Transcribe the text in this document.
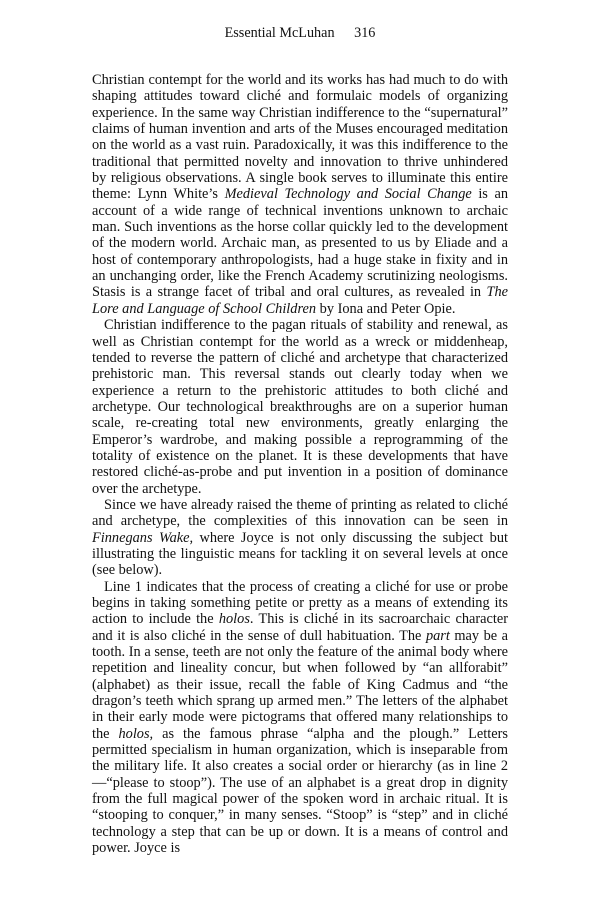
Essential McLuhan 316

Christian contempt for the world and its works has had much to do with shaping attitudes toward cliché and formulaic models of organizing experience. In the same way Christian indifference to the “supernatural” claims of human invention and arts of the Muses encouraged meditation on the world as a vast ruin. Paradoxically, it was this indifference to the traditional that permitted novelty and innovation to thrive unhindered by religious observations. A single book serves to illuminate this entire theme: Lynn White’s Medieval Technology and Social Change is an account of a wide range of technical inventions unknown to archaic man. Such inventions as the horse collar quickly led to the development of the modern world. Archaic man, as presented to us by Eliade and a host of contemporary anthropologists, had a huge stake in fixity and in an unchanging order, like the French Academy scrutinizing neologisms. Stasis is a strange facet of tribal and oral cultures, as revealed in The Lore and Language of School Children by Iona and Peter Opie.

Christian indifference to the pagan rituals of stability and renewal, as well as Christian contempt for the world as a wreck or middenheap, tended to reverse the pattern of cliché and archetype that characterized prehistoric man. This reversal stands out clearly today when we experience a return to the prehistoric attitudes to both cliché and archetype. Our technological breakthroughs are on a superior human scale, re-creating total new environments, greatly enlarging the Emperor’s wardrobe, and making possible a reprogramming of the totality of existence on the planet. It is these developments that have restored cliché-as-probe and put invention in a position of dominance over the archetype.

Since we have already raised the theme of printing as related to cliché and archetype, the complexities of this innovation can be seen in Finnegans Wake, where Joyce is not only discussing the subject but illustrating the linguistic means for tackling it on several levels at once (see below).

Line 1 indicates that the process of creating a cliché for use or probe begins in taking something petite or pretty as a means of extending its action to include the holos. This is cliché in its sacroarchaic character and it is also cliché in the sense of dull habituation. The part may be a tooth. In a sense, teeth are not only the feature of the animal body where repetition and lineality concur, but when followed by “an allforabit” (alphabet) as their issue, recall the fable of King Cadmus and “the dragon’s teeth which sprang up armed men.” The letters of the alphabet in their early mode were pictograms that offered many relationships to the holos, as the famous phrase “alpha and the plough.” Letters permitted specialism in human organization, which is inseparable from the military life. It also creates a social order or hierarchy (as in line 2—“please to stoop”). The use of an alphabet is a great drop in dignity from the full magical power of the spoken word in archaic ritual. It is “stooping to conquer,” in many senses. “Stoop” is “step” and in cliché technology a step that can be up or down. It is a means of control and power. Joyce is
